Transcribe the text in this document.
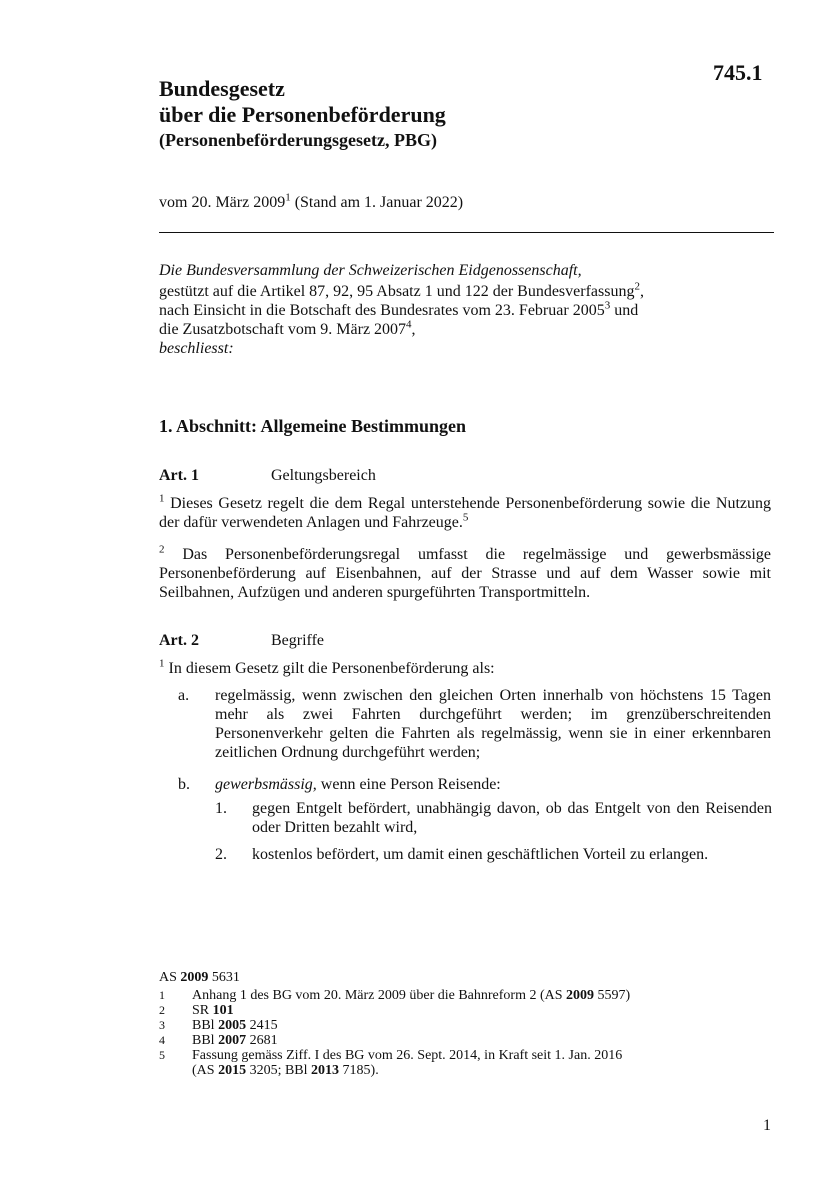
745.1
Bundesgesetz
über die Personenbeförderung
(Personenbeförderungsgesetz, PBG)
vom 20. März 2009$^1$ (Stand am 1. Januar 2022)
Die Bundesversammlung der Schweizerischen Eidgenossenschaft,
gestützt auf die Artikel 87, 92, 95 Absatz 1 und 122 der Bundesverfassung$^2$,
nach Einsicht in die Botschaft des Bundesrates vom 23. Februar 2005$^3$ und
die Zusatzbotschaft vom 9. März 2007$^4$,
beschliesst:
1. Abschnitt: Allgemeine Bestimmungen
Art. 1	Geltungsbereich
$^1$ Dieses Gesetz regelt die dem Regal unterstehende Personenbeförderung sowie die Nutzung der dafür verwendeten Anlagen und Fahrzeuge.$^5$
$^2$ Das Personenbeförderungsregal umfasst die regelmässige und gewerbsmässige Personenbeförderung auf Eisenbahnen, auf der Strasse und auf dem Wasser sowie mit Seilbahnen, Aufzügen und anderen spurgeführten Transportmitteln.
Art. 2	Begriffe
$^1$ In diesem Gesetz gilt die Personenbeförderung als:
a. regelmässig, wenn zwischen den gleichen Orten innerhalb von höchstens 15 Tagen mehr als zwei Fahrten durchgeführt werden; im grenzüberschreitenden Personenverkehr gelten die Fahrten als regelmässig, wenn sie in einer erkennbaren zeitlichen Ordnung durchgeführt werden;
b. gewerbsmässig, wenn eine Person Reisende:
1. gegen Entgelt befördert, unabhängig davon, ob das Entgelt von den Reisenden oder Dritten bezahlt wird,
2. kostenlos befördert, um damit einen geschäftlichen Vorteil zu erlangen.
AS 2009 5631
1 Anhang 1 des BG vom 20. März 2009 über die Bahnreform 2 (AS 2009 5597)
2 SR 101
3 BBl 2005 2415
4 BBl 2007 2681
5 Fassung gemäss Ziff. I des BG vom 26. Sept. 2014, in Kraft seit 1. Jan. 2016
(AS 2015 3205; BBl 2013 7185).
1
